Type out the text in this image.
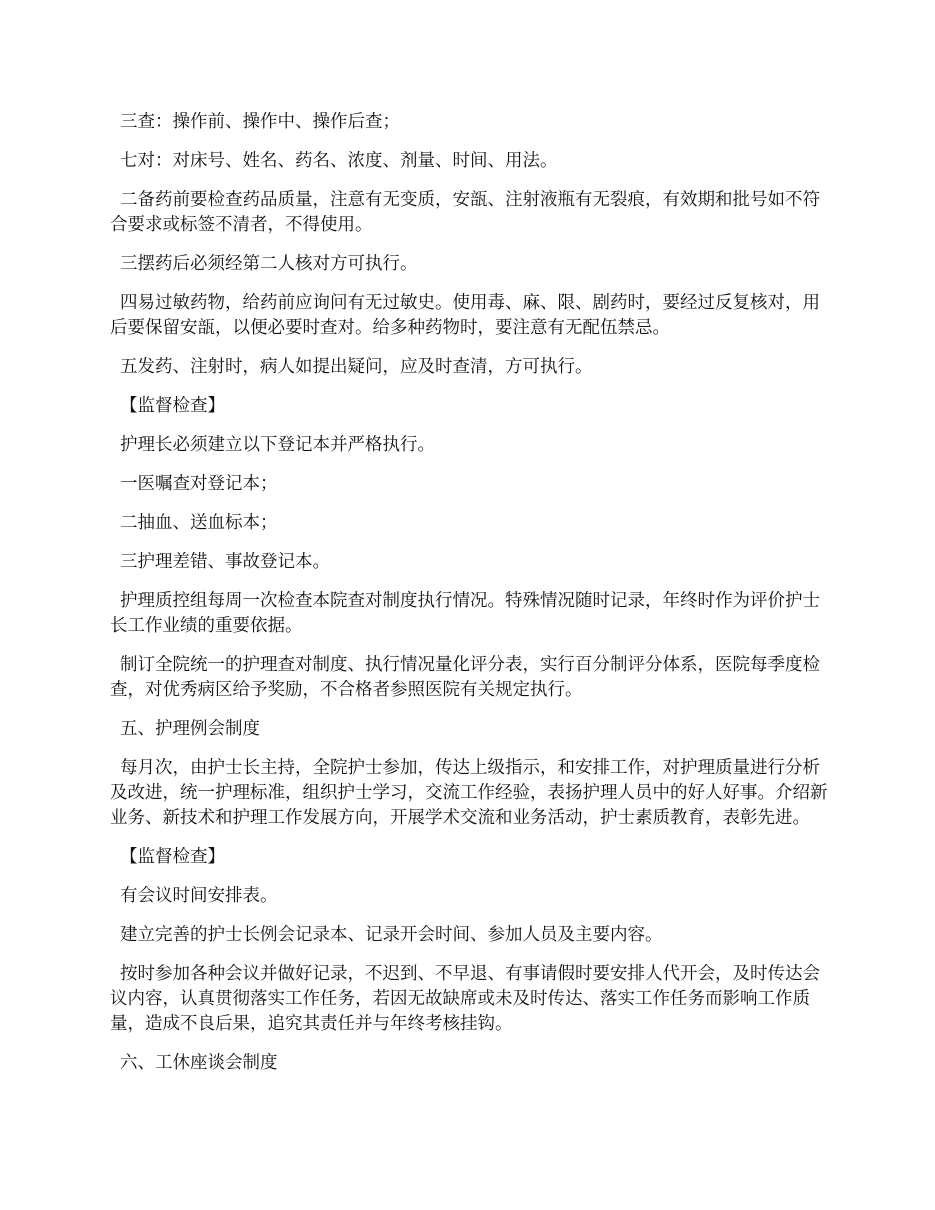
三查：操作前、操作中、操作后查；

七对：对床号、姓名、药名、浓度、剂量、时间、用法。

二备药前要检查药品质量，注意有无变质，安瓿、注射液瓶有无裂痕，有效期和批号如不符合要求或标签不清者，不得使用。

三摆药后必须经第二人核对方可执行。

四易过敏药物，给药前应询问有无过敏史。使用毒、麻、限、剧药时，要经过反复核对，用后要保留安瓿，以便必要时查对。给多种药物时，要注意有无配伍禁忌。

五发药、注射时，病人如提出疑问，应及时查清，方可执行。

【监督检查】

护理长必须建立以下登记本并严格执行。

一医嘱查对登记本；

二抽血、送血标本；

三护理差错、事故登记本。

护理质控组每周一次检查本院查对制度执行情况。特殊情况随时记录，年终时作为评价护士长工作业绩的重要依据。

制订全院统一的护理查对制度、执行情况量化评分表，实行百分制评分体系，医院每季度检查，对优秀病区给予奖励，不合格者参照医院有关规定执行。

五、护理例会制度

每月次，由护士长主持，全院护士参加，传达上级指示，和安排工作，对护理质量进行分析及改进，统一护理标准，组织护士学习，交流工作经验，表扬护理人员中的好人好事。介绍新业务、新技术和护理工作发展方向，开展学术交流和业务活动，护士素质教育，表彰先进。

【监督检查】

有会议时间安排表。

建立完善的护士长例会记录本、记录开会时间、参加人员及主要内容。

按时参加各种会议并做好记录，不迟到、不早退、有事请假时要安排人代开会，及时传达会议内容，认真贯彻落实工作任务，若因无故缺席或未及时传达、落实工作任务而影响工作质量，造成不良后果，追究其责任并与年终考核挂钩。

六、工休座谈会制度
